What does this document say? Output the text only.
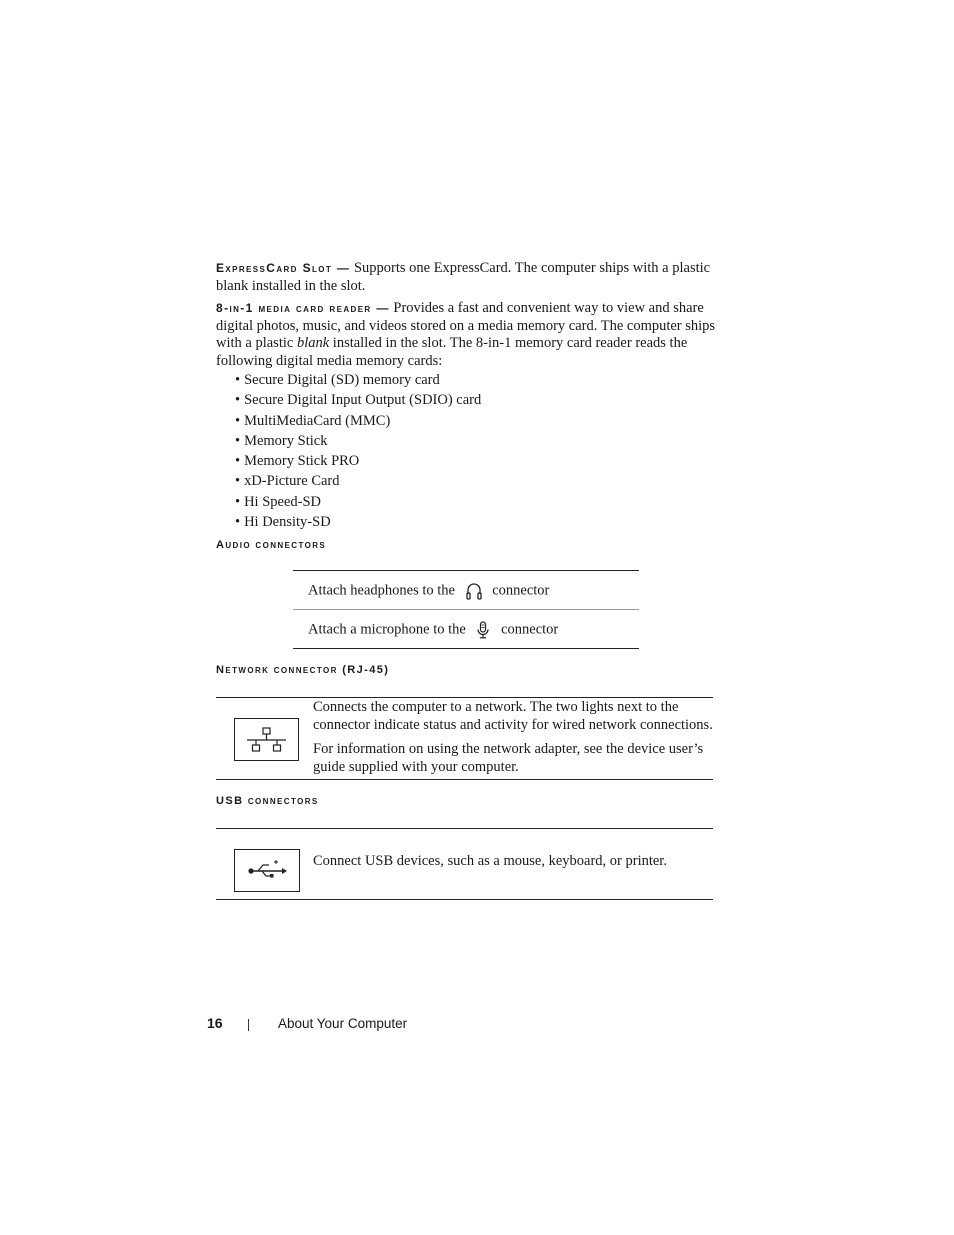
ExpressCard Slot — Supports one ExpressCard. The computer ships with a plastic blank installed in the slot.

8-in-1 media card reader — Provides a fast and convenient way to view and share digital photos, music, and videos stored on a media memory card. The computer ships with a plastic blank installed in the slot. The 8-in-1 memory card reader reads the following digital media memory cards:

• Secure Digital (SD) memory card
• Secure Digital Input Output (SDIO) card
• MultiMediaCard (MMC)
• Memory Stick
• Memory Stick PRO
• xD-Picture Card
• Hi Speed-SD
• Hi Density-SD
Audio connectors
Attach headphones to the	connector
Attach a microphone to the connector
Network connector (RJ-45)

Connects the computer to a network. The two lights next to the connector indicate status and activity for wired network connections.

For information on using the network adapter, see the device user’s guide supplied with your computer.

USB connectors
Connect USB devices, such as a mouse, keyboard, or printer.
16	About Your Computer
